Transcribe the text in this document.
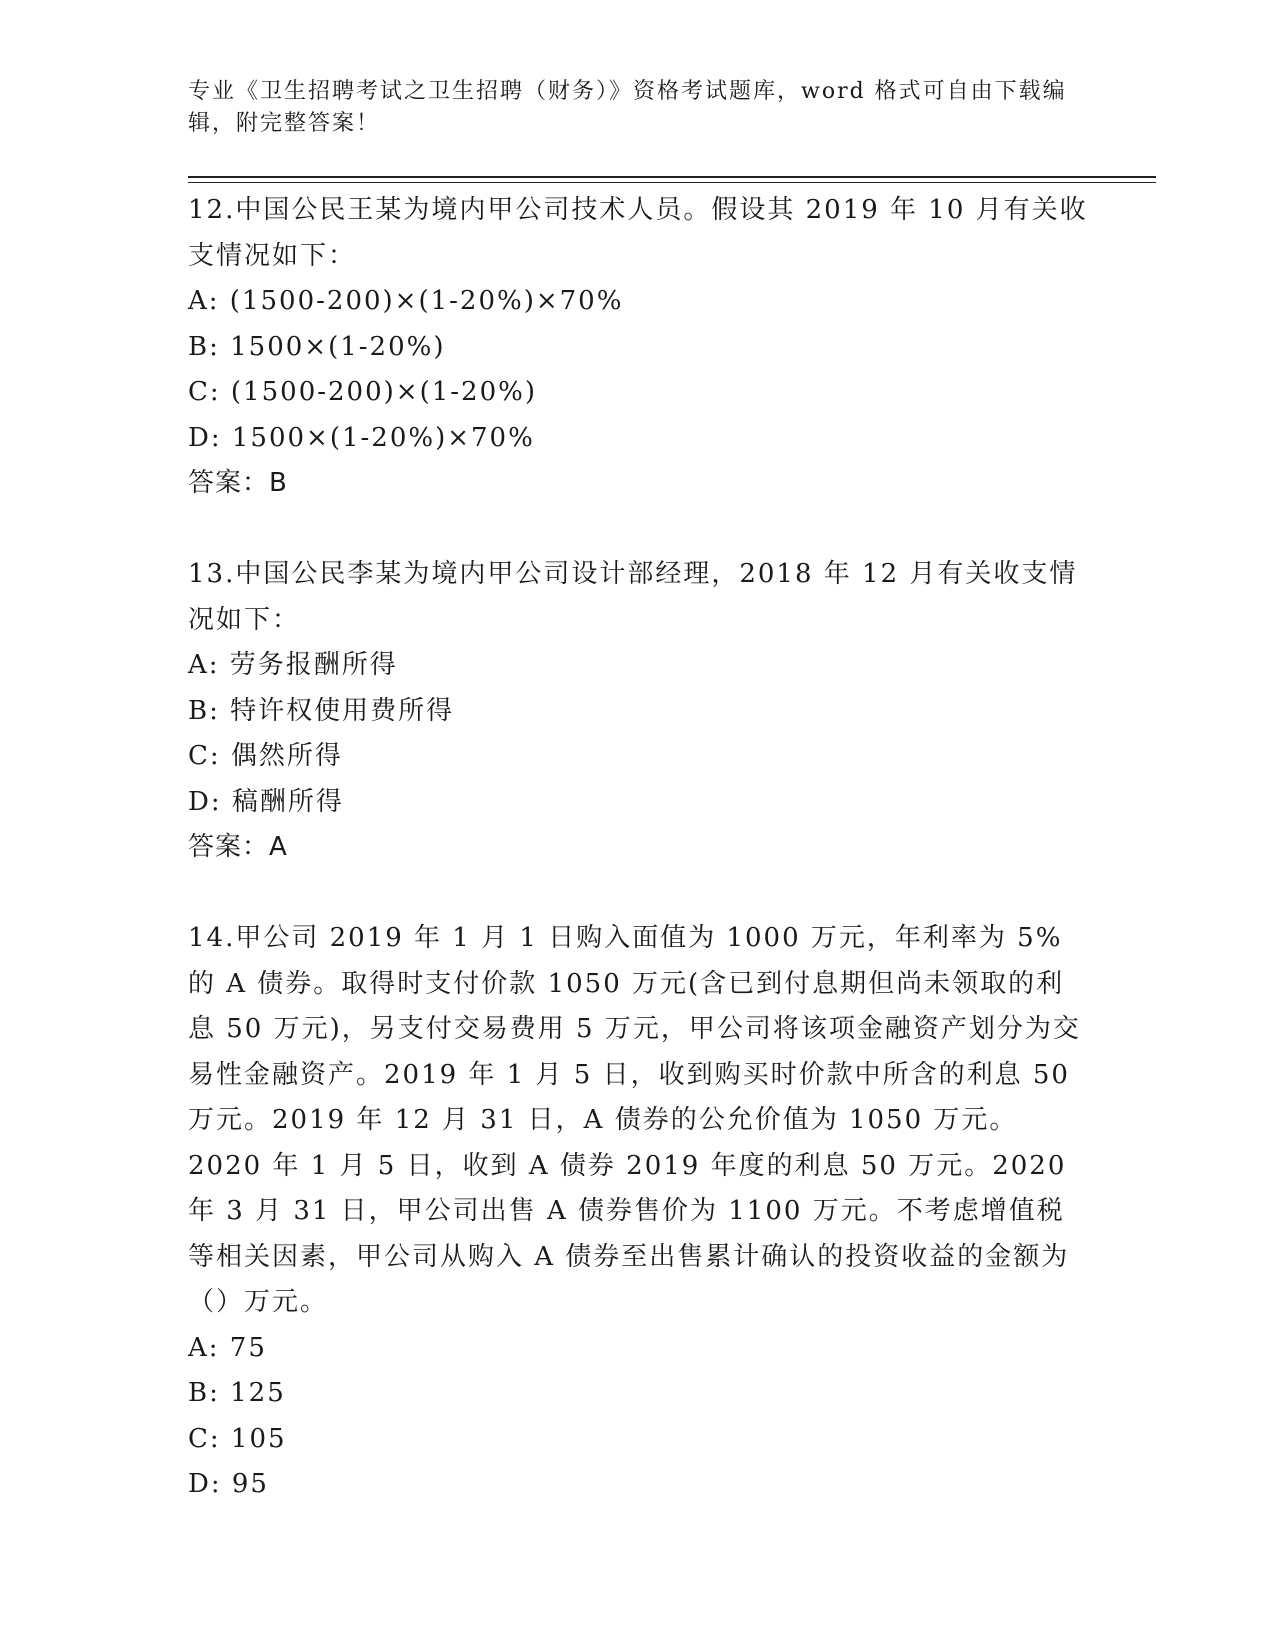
专业《卫生招聘考试之卫生招聘（财务）》资格考试题库，word 格式可自由下载编辑，附完整答案！

12.中国公民王某为境内甲公司技术人员。假设其 2019 年 10 月有关收支情况如下：

A: (1500-200)×(1-20%)×70%

B: 1500×(1-20%)

C: (1500-200)×(1-20%)

D: 1500×(1-20%)×70%

答案：B

13.中国公民李某为境内甲公司设计部经理，2018 年 12 月有关收支情况如下：

A: 劳务报酬所得

B: 特许权使用费所得

C: 偶然所得

D: 稿酬所得

答案：A

14.甲公司 2019 年 1 月 1 日购入面值为 1000 万元，年利率为 5%的 A 债券。取得时支付价款 1050 万元(含已到付息期但尚未领取的利息 50 万元)，另支付交易费用 5 万元，甲公司将该项金融资产划分为交易性金融资产。2019 年 1 月 5 日，收到购买时价款中所含的利息 50 万元。2019 年 12 月 31 日，A 债券的公允价值为 1050 万元。2020 年 1 月 5 日，收到 A 债券 2019 年度的利息 50 万元。2020 年 3 月 31 日，甲公司出售 A 债券售价为 1100 万元。不考虑增值税等相关因素，甲公司从购入 A 债券至出售累计确认的投资收益的金额为（）万元。

A: 75

B: 125

C: 105

D: 95
